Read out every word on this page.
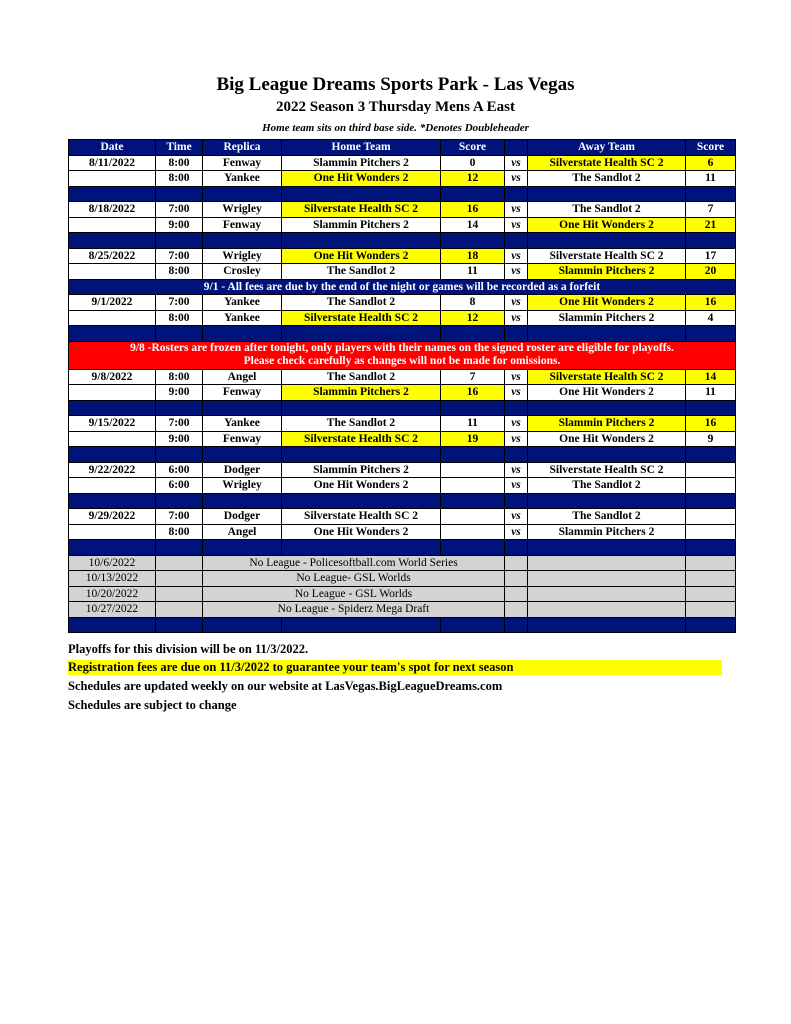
Big League Dreams Sports Park - Las Vegas
2022 Season 3 Thursday Mens A East
Home team sits on third base side. *Denotes Doubleheader
Date	Time	Replica	Home Team	Score		Away Team	Score
8/11/2022	8:00	Fenway	Slammin Pitchers 2	0	vs	Silverstate Health SC 2	6
	8:00	Yankee	One Hit Wonders 2	12	vs	The Sandlot 2	11

8/18/2022	7:00	Wrigley	Silverstate Health SC 2	16	vs	The Sandlot 2	7
	9:00	Fenway	Slammin Pitchers 2	14	vs	One Hit Wonders 2	21

8/25/2022	7:00	Wrigley	One Hit Wonders 2	18	vs	Silverstate Health SC 2	17
	8:00	Crosley	The Sandlot 2	11	vs	Slammin Pitchers 2	20
9/1 - All fees are due by the end of the night or games will be recorded as a forfeit							
9/1/2022	7:00	Yankee	The Sandlot 2	8	vs	One Hit Wonders 2	16
	8:00	Yankee	Silverstate Health SC 2	12	vs	Slammin Pitchers 2	4

9/8 -Rosters are frozen after tonight, only players with their names on the signed roster are eligible for playoffs.
Please check carefully as changes will not be made for omissions.							

9/8/2022	8:00	Angel	The Sandlot 2	7	vs	Silverstate Health SC 2	14
	9:00	Fenway	Slammin Pitchers 2	16	vs	One Hit Wonders 2	11

9/15/2022	7:00	Yankee	The Sandlot 2	11	vs	Slammin Pitchers 2	16
	9:00	Fenway	Silverstate Health SC 2	19	vs	One Hit Wonders 2	9

9/22/2022	6:00	Dodger	Slammin Pitchers 2		vs	Silverstate Health SC 2	
	6:00	Wrigley	One Hit Wonders 2		vs	The Sandlot 2	

9/29/2022	7:00	Dodger	Silverstate Health SC 2		vs	The Sandlot 2	
	8:00	Angel	One Hit Wonders 2		vs	Slammin Pitchers 2	

10/6/2022		No League - Policesoftball.com World Series					
10/13/2022		No League- GSL Worlds					
10/20/2022		No League - GSL Worlds					
10/27/2022		No League - Spiderz Mega Draft					

Playoffs for this division will be on 11/3/2022.
Registration fees are due on 11/3/2022 to guarantee your team's spot for next season
Schedules are updated weekly on our website at LasVegas.BigLeagueDreams.com
Schedules are subject to change
